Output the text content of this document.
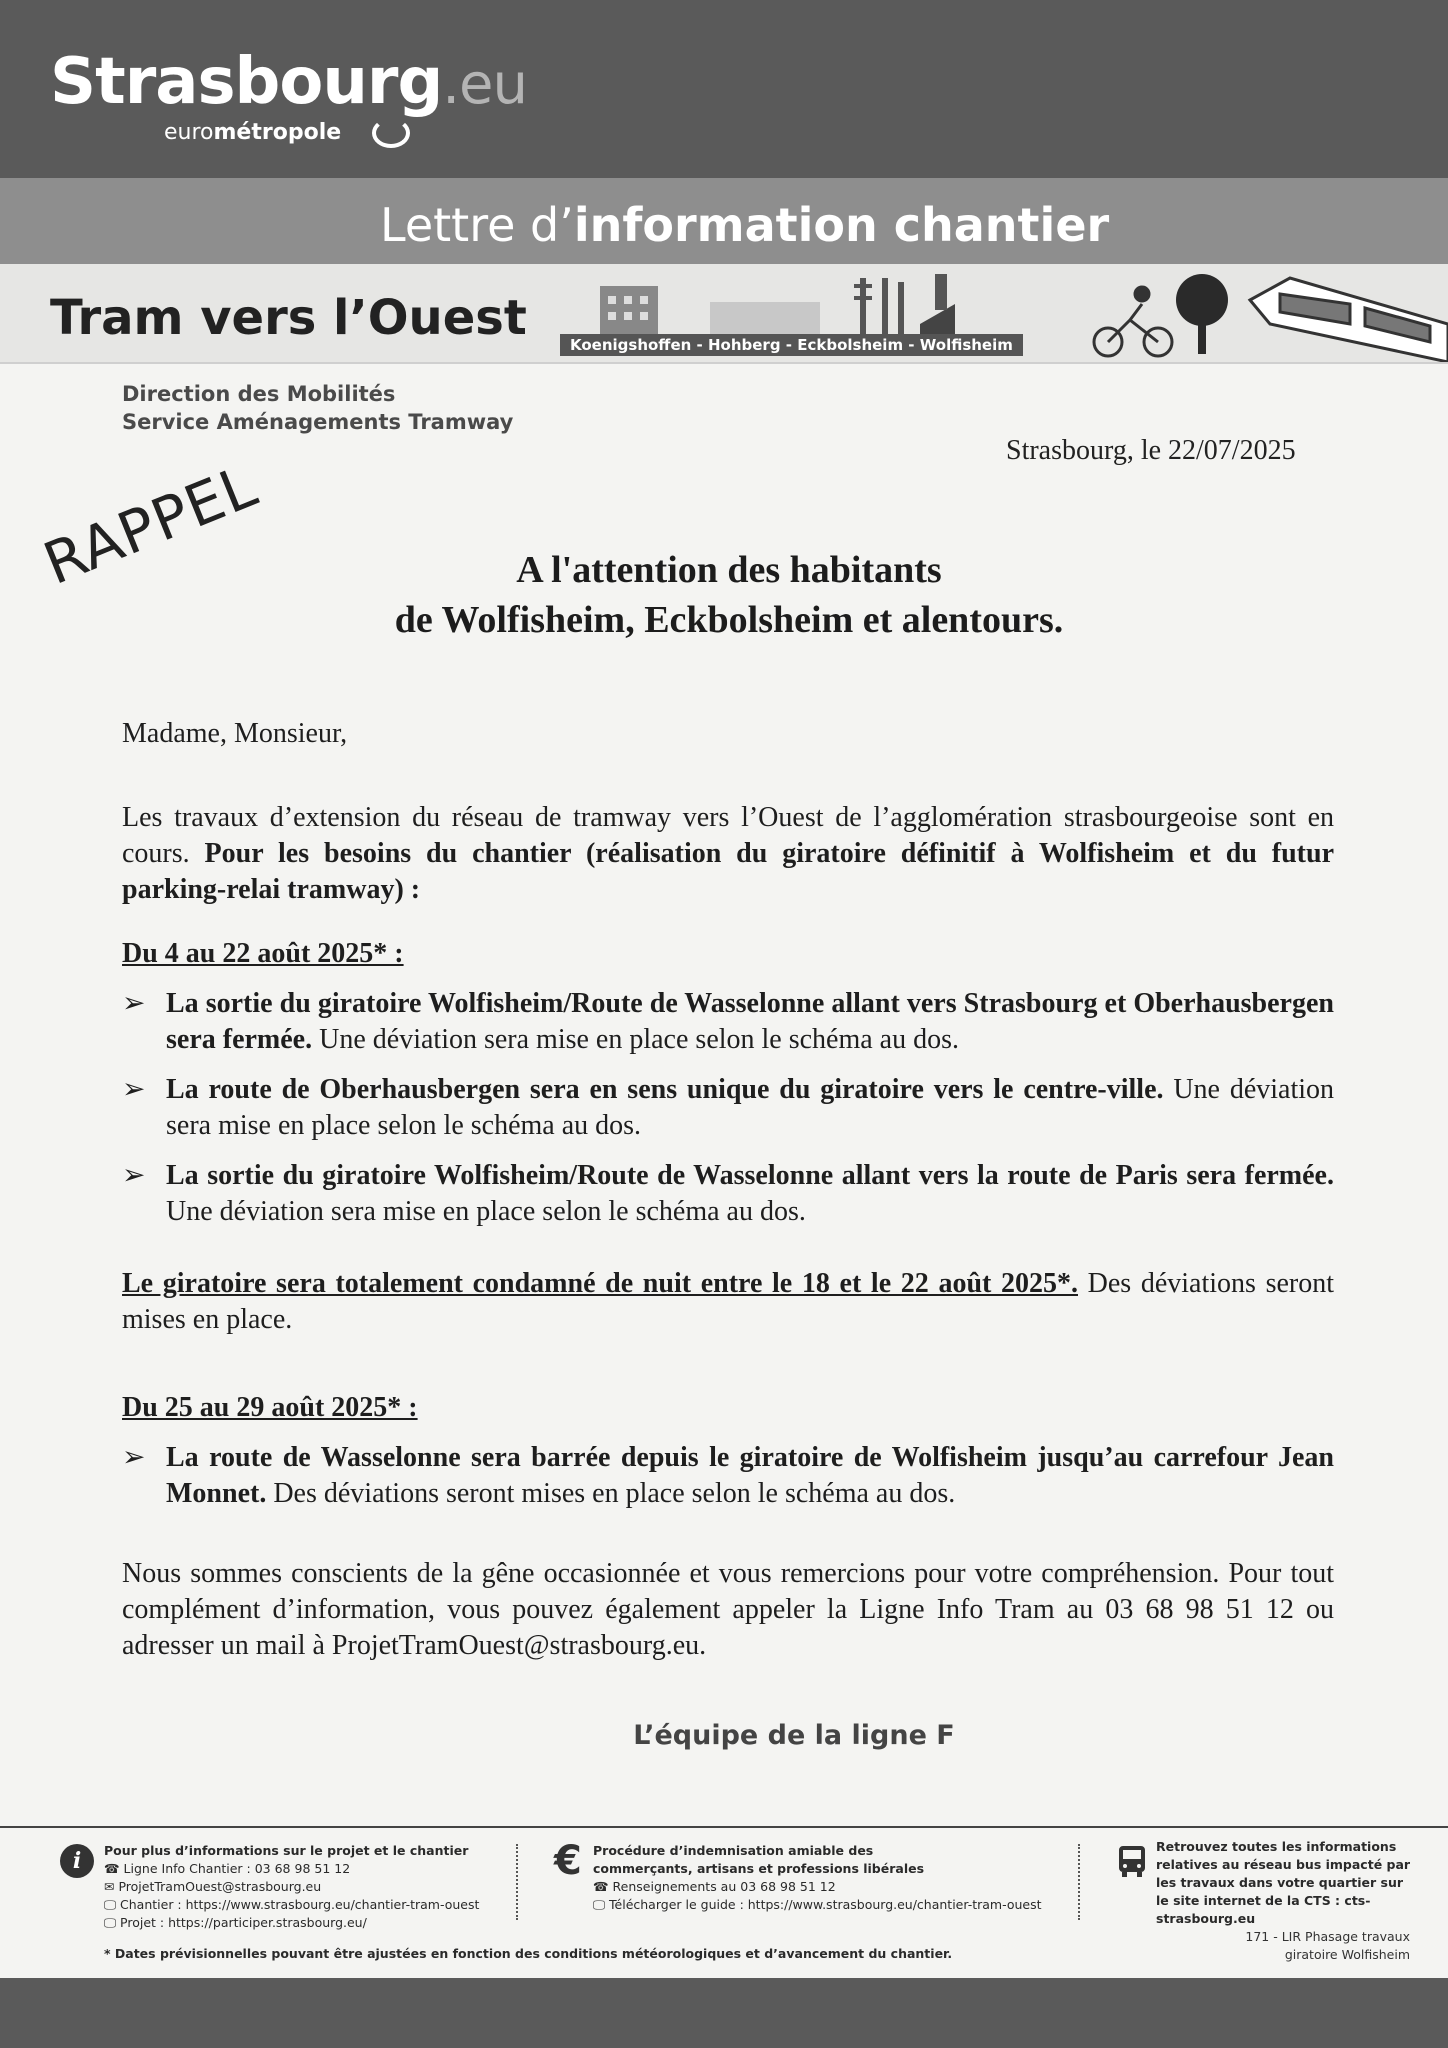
Strasbourg.eu
eurométropole
Lettre d’information chantier
Tram vers l’Ouest	Koenigshoffen - Hohberg - Eckbolsheim - Wolfisheim
Direction des Mobilités
Service Aménagements Tramway
Strasbourg, le 22/07/2025
RAPPEL	A l'attention des habitants
de Wolfisheim, Eckbolsheim et alentours.

Madame, Monsieur,

Les travaux d’extension du réseau de tramway vers l’Ouest de l’agglomération strasbourgeoise sont en cours. Pour les besoins du chantier (réalisation du giratoire définitif à Wolfisheim et du futur parking-relai tramway) :

Du 4 au 22 août 2025* :
➢ La sortie du giratoire Wolfisheim/Route de Wasselonne allant vers Strasbourg et Oberhausbergen sera fermée. Une déviation sera mise en place selon le schéma au dos.
➢ La route de Oberhausbergen sera en sens unique du giratoire vers le centre-ville. Une déviation sera mise en place selon le schéma au dos.
➢ La sortie du giratoire Wolfisheim/Route de Wasselonne allant vers la route de Paris sera fermée. Une déviation sera mise en place selon le schéma au dos.

Le giratoire sera totalement condamné de nuit entre le 18 et le 22 août 2025*. Des déviations seront mises en place.

Du 25 au 29 août 2025* :
➢ La route de Wasselonne sera barrée depuis le giratoire de Wolfisheim jusqu’au carrefour Jean Monnet. Des déviations seront mises en place selon le schéma au dos.

Nous sommes conscients de la gêne occasionnée et vous remercions pour votre compréhension. Pour tout complément d’information, vous pouvez également appeler la Ligne Info Tram au 03 68 98 51 12 ou adresser un mail à ProjetTramOuest@strasbourg.eu.

L’équipe de la ligne F
i	Pour plus d’informations sur le projet et le chantier
☎ Ligne Info Chantier : 03 68 98 51 12
✉ ProjetTramOuest@strasbourg.eu
🖵 Chantier : https://www.strasbourg.eu/chantier-tram-ouest
🖵 Projet : https://participer.strasbourg.eu/
€ Procédure d’indemnisation amiable des
commerçants, artisans et professions libérales
☎ Renseignements au 03 68 98 51 12
🖵 Télécharger le guide : https://www.strasbourg.eu/chantier-tram-ouest
Retrouvez toutes les informations relatives au réseau bus impacté par les travaux dans votre quartier sur le site internet de la CTS : cts-strasbourg.eu
171 - LIR Phasage travaux
giratoire Wolfisheim
* Dates prévisionnelles pouvant être ajustées en fonction des conditions météorologiques et d’avancement du chantier.
